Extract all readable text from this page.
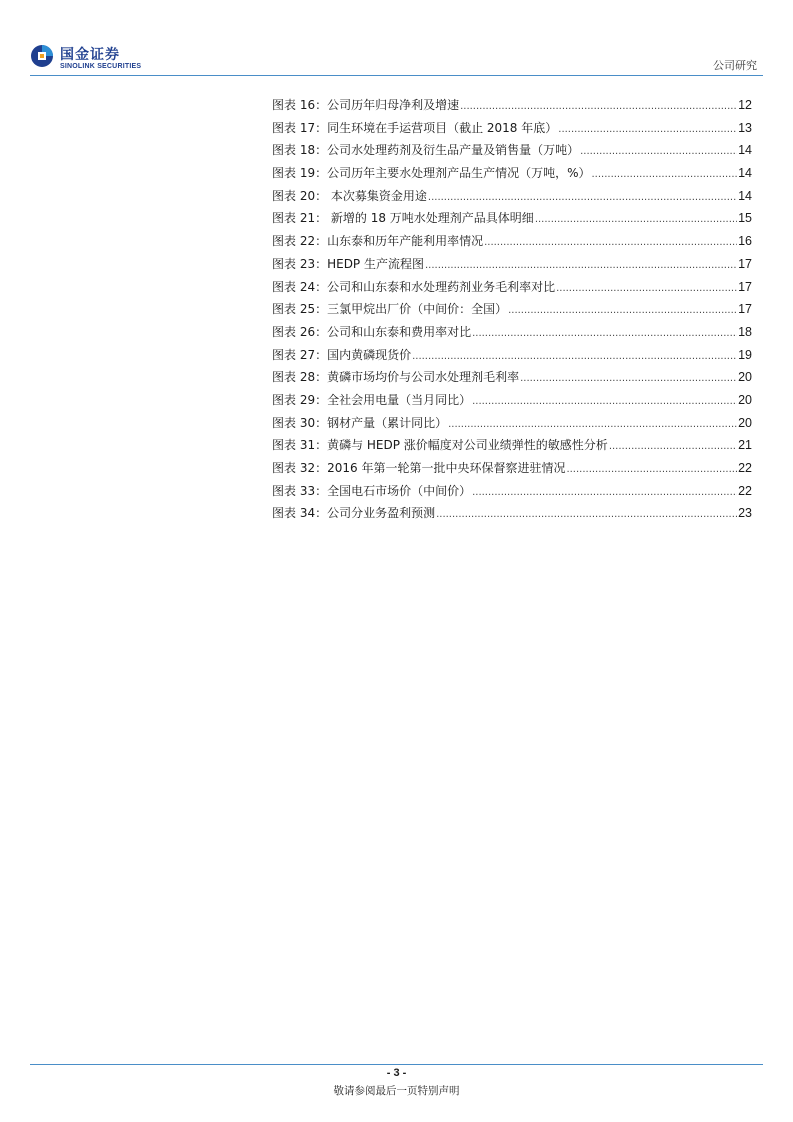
国金证券
SINOLINK SECURITIES	公司研究
图表 16：公司历年归母净利及增速 .....	12
图表 17：同生环境在手运营项目（截止 2018 年底） .....	13
图表 18：公司水处理药剂及衍生品产量及销售量（万吨） .....	14
图表 19：公司历年主要水处理剂产品生产情况（万吨，%） .....	14
图表 20： 本次募集资金用途 .....	14
图表 21： 新增的 18 万吨水处理剂产品具体明细 .....	15
图表 22：山东泰和历年产能利用率情况 .....	16
图表 23：HEDP 生产流程图 .....	17
图表 24：公司和山东泰和水处理药剂业务毛利率对比 .....	17
图表 25：三氯甲烷出厂价（中间价：全国） .....	17
图表 26：公司和山东泰和费用率对比 .....	18
图表 27：国内黄磷现货价 .....	19
图表 28：黄磷市场均价与公司水处理剂毛利率 .....	20
图表 29：全社会用电量（当月同比） .....	20
图表 30：钢材产量（累计同比） .....	20
图表 31：黄磷与 HEDP 涨价幅度对公司业绩弹性的敏感性分析 .....	21
图表 32：2016 年第一轮第一批中央环保督察进驻情况 .....	22
图表 33：全国电石市场价（中间价） .....	22
图表 34：公司分业务盈利预测 .....	23
- 3 -
敬请参阅最后一页特别声明
